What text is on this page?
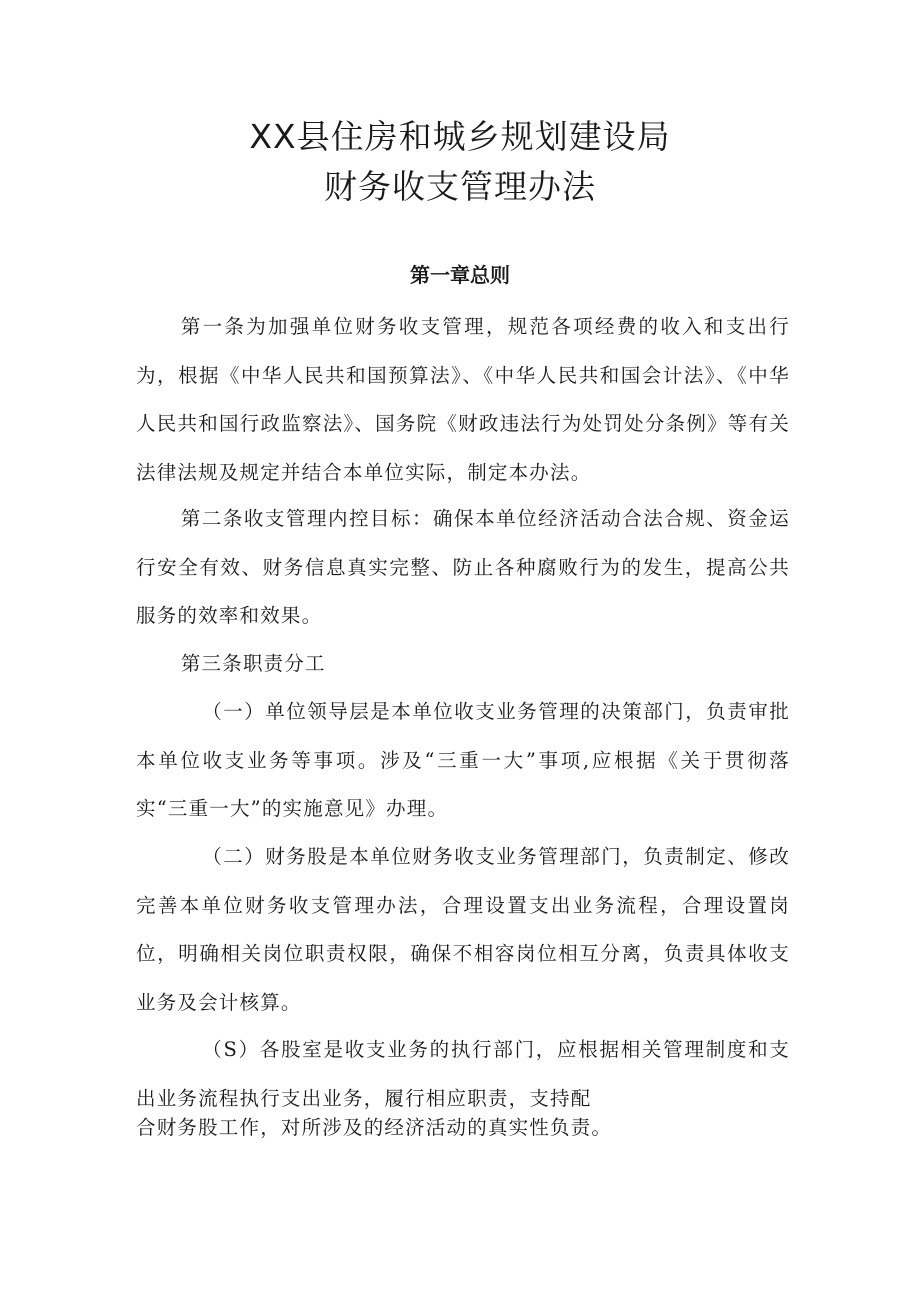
XX县住房和城乡规划建设局
财务收支管理办法
第一章总则

第一条为加强单位财务收支管理，规范各项经费的收入和支出行为，根据《中华人民共和国预算法》、《中华人民共和国会计法》、《中华人民共和国行政监察法》、国务院《财政违法行为处罚处分条例》等有关法律法规及规定并结合本单位实际，制定本办法。

第二条收支管理内控目标：确保本单位经济活动合法合规、资金运行安全有效、财务信息真实完整、防止各种腐败行为的发生，提高公共服务的效率和效果。

第三条职责分工

（一）单位领导层是本单位收支业务管理的决策部门，负责审批本单位收支业务等事项。涉及“三重一大”事项,应根据《关于贯彻落实“三重一大”的实施意见》办理。

（二）财务股是本单位财务收支业务管理部门，负责制定、修改完善本单位财务收支管理办法，合理设置支出业务流程，合理设置岗位，明确相关岗位职责权限，确保不相容岗位相互分离，负责具体收支业务及会计核算。

（S）各股室是收支业务的执行部门，应根据相关管理制度和支出业务流程执行支出业务，履行相应职责，支持配

合财务股工作，对所涉及的经济活动的真实性负责。
